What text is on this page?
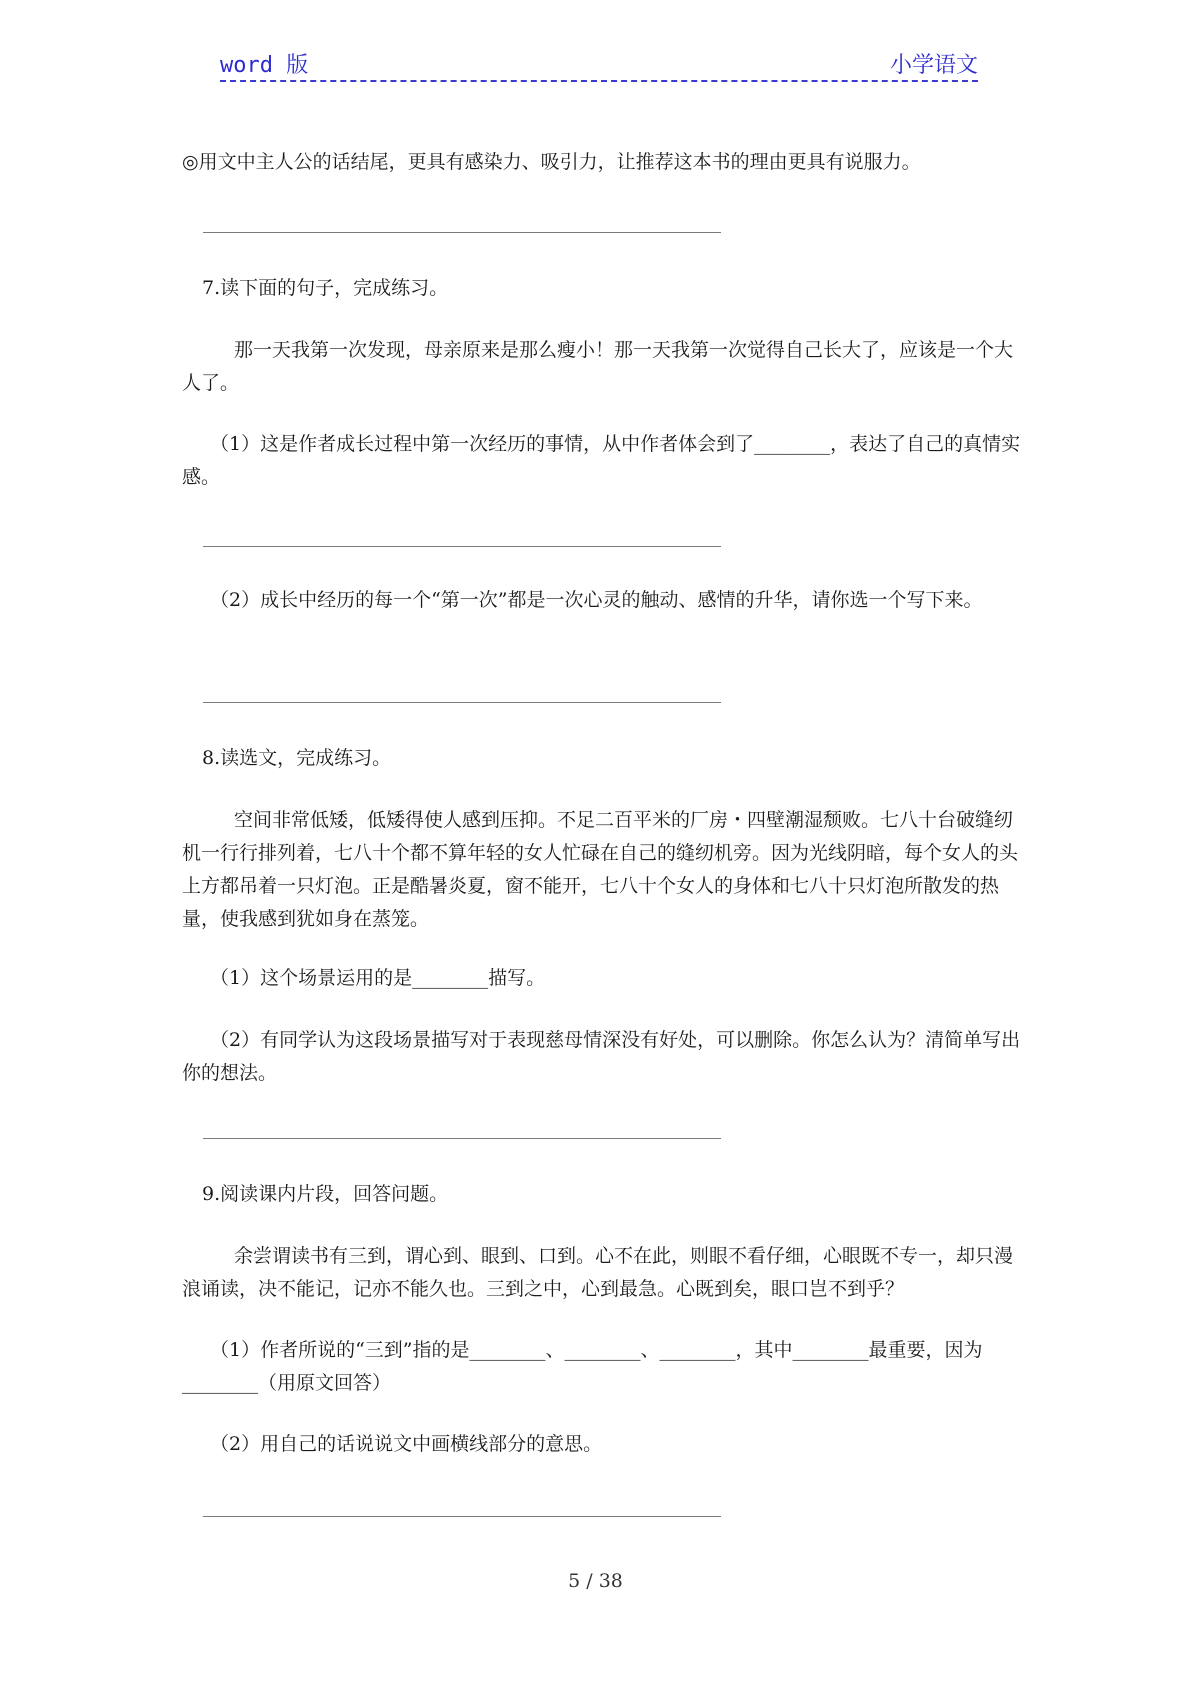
word 版	小学语文

◎用文中主人公的话结尾，更具有感染力、吸引力，让推荐这本书的理由更具有说服力。

7.读下面的句子，完成练习。

那一天我第一次发现，母亲原来是那么瘦小！那一天我第一次觉得自己长大了，应该是一个大人了。

（1）这是作者成长过程中第一次经历的事情，从中作者体会到了________，表达了自己的真情实感。

（2）成长中经历的每一个“第一次”都是一次心灵的触动、感情的升华，请你选一个写下来。

8.读选文，完成练习。

空间非常低矮，低矮得使人感到压抑。不足二百平米的厂房・四壁潮湿颓败。七八十台破缝纫机一行行排列着，七八十个都不算年轻的女人忙碌在自己的缝纫机旁。因为光线阴暗，每个女人的头上方都吊着一只灯泡。正是酷暑炎夏，窗不能开，七八十个女人的身体和七八十只灯泡所散发的热量，使我感到犹如身在蒸笼。

（1）这个场景运用的是________描写。

（2）有同学认为这段场景描写对于表现慈母情深没有好处，可以删除。你怎么认为？清简单写出你的想法。

9.阅读课内片段，回答问题。

余尝谓读书有三到，谓心到、眼到、口到。心不在此，则眼不看仔细，心眼既不专一，却只漫浪诵读，决不能记，记亦不能久也。三到之中，心到最急。心既到矣，眼口岂不到乎？

（1）作者所说的“三到”指的是________、________、________，其中________最重要，因为________（用原文回答）

（2）用自己的话说说文中画横线部分的意思。

5 / 38
